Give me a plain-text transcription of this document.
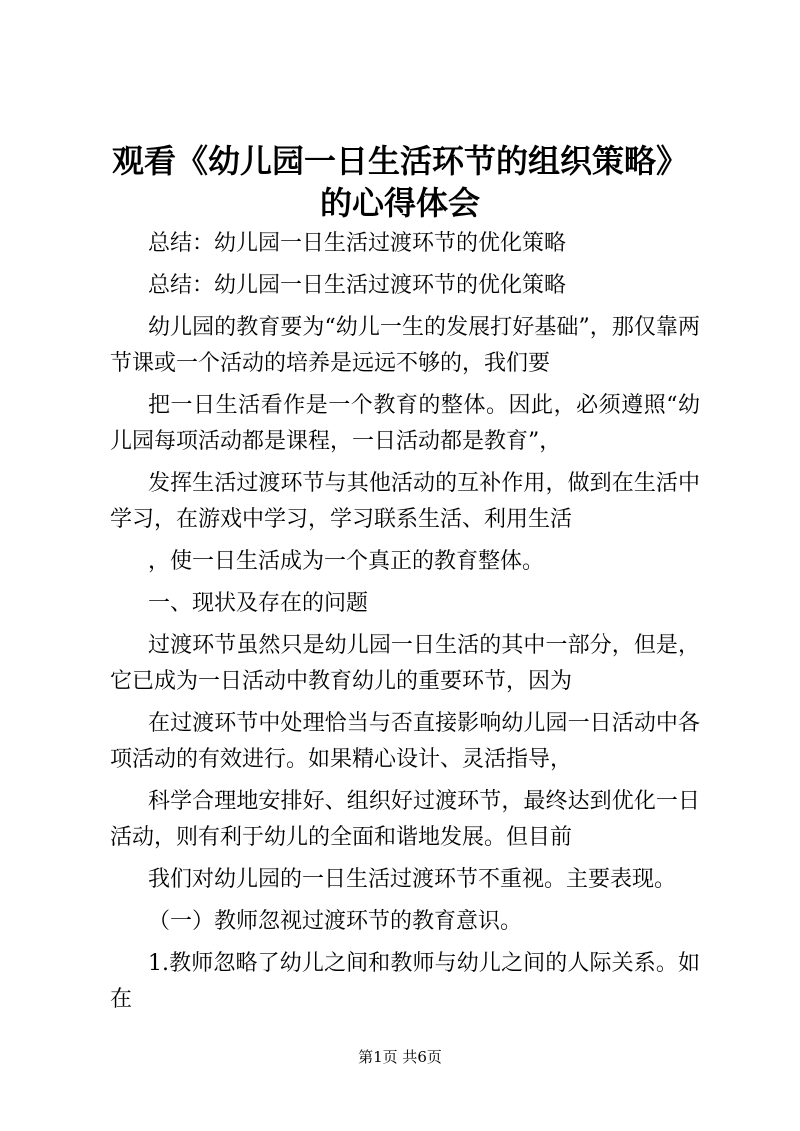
观看《幼儿园一日生活环节的组织策略》的心得体会

总结：幼儿园一日生活过渡环节的优化策略

总结：幼儿园一日生活过渡环节的优化策略

幼儿园的教育要为“幼儿一生的发展打好基础”，那仅靠两节课或一个活动的培养是远远不够的，我们要

把一日生活看作是一个教育的整体。因此，必须遵照“幼儿园每项活动都是课程，一日活动都是教育”，

发挥生活过渡环节与其他活动的互补作用，做到在生活中学习，在游戏中学习，学习联系生活、利用生活

，使一日生活成为一个真正的教育整体。

一、现状及存在的问题

过渡环节虽然只是幼儿园一日生活的其中一部分，但是，它已成为一日活动中教育幼儿的重要环节，因为

在过渡环节中处理恰当与否直接影响幼儿园一日活动中各项活动的有效进行。如果精心设计、灵活指导，

科学合理地安排好、组织好过渡环节，最终达到优化一日活动，则有利于幼儿的全面和谐地发展。但目前

我们对幼儿园的一日生活过渡环节不重视。主要表现。

（一）教师忽视过渡环节的教育意识。

1.教师忽略了幼儿之间和教师与幼儿之间的人际关系。如在

第1页 共6页
